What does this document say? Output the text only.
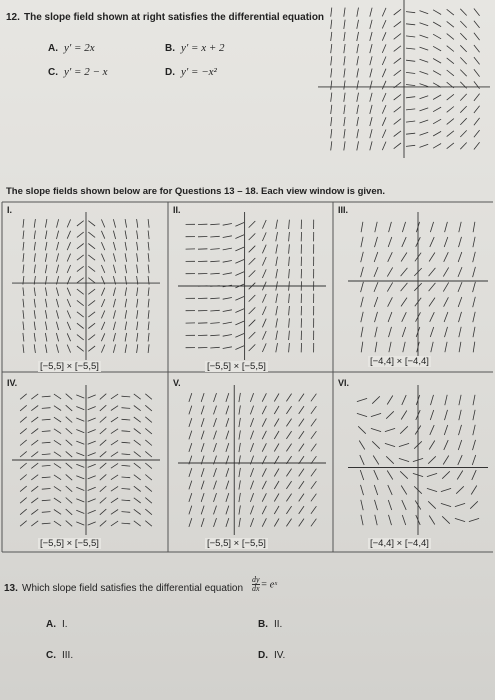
12. The slope field shown at right satisfies the differential equation
A. y′ = 2x	B. y′ = x + 2
C. y′ = 2 − x	D. y′ = −x²
The slope fields shown below are for Questions 13 – 18. Each view window is given.
I.	II.	III.
IV.	V.	VI.
[−5,5] × [−5,5]	[−5,5] × [−5,5]	[−4,4] × [−4,4]
[−5,5] × [−5,5]	[−5,5] × [−5,5]	[−4,4] × [−4,4]
13. Which slope field satisfies the differential equation $\frac{dy}{dx}$ = eˣ
A. I.	B. II.
C. III.	D. IV.
